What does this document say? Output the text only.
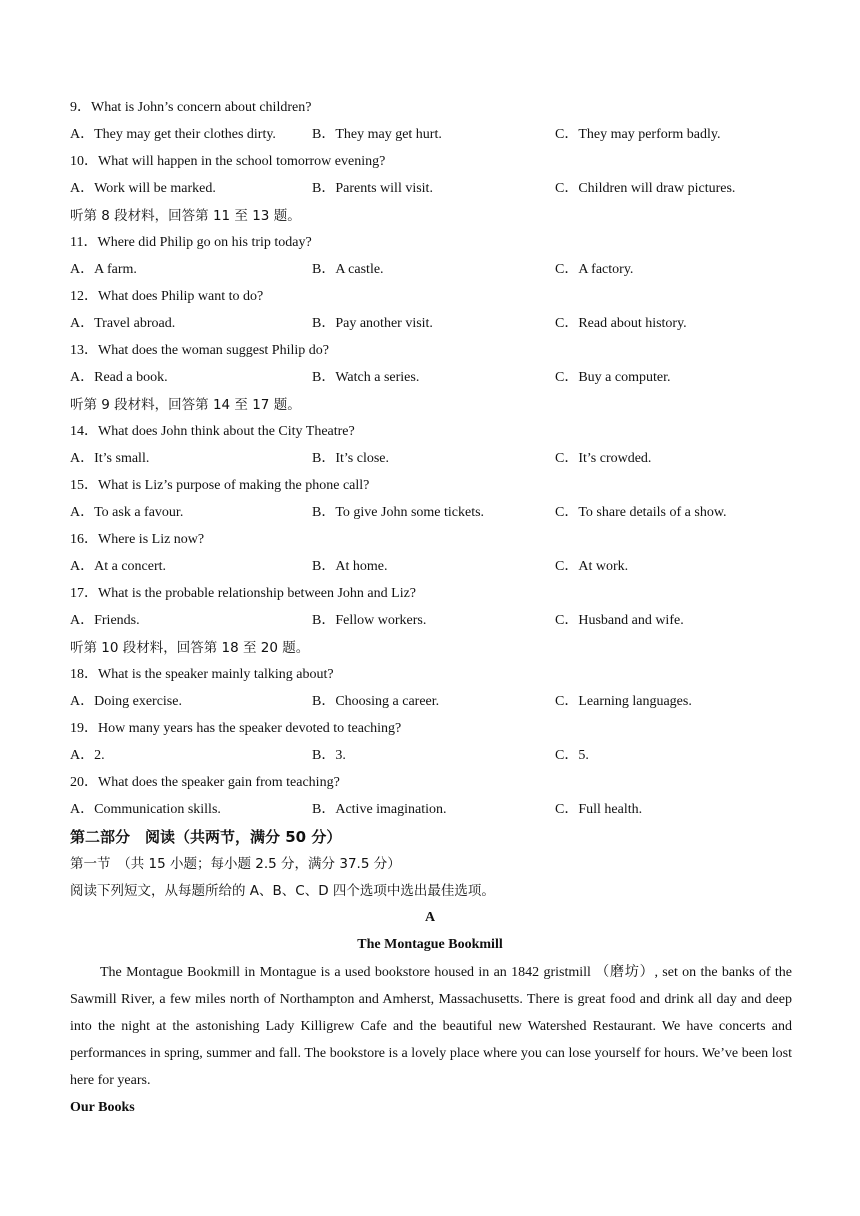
9．What is John’s concern about children?
A．They may get their clothes dirty.	B．They may get hurt.	C．They may perform badly.
10．What will happen in the school tomorrow evening?
A．Work will be marked.	B．Parents will visit.	C．Children will draw pictures.
听第 8 段材料，回答第 11 至 13 题。
11．Where did Philip go on his trip today?
A．A farm.	B．A castle.	C．A factory.
12．What does Philip want to do?
A．Travel abroad.	B．Pay another visit.	C．Read about history.
13．What does the woman suggest Philip do?
A．Read a book.	B．Watch a series.	C．Buy a computer.
听第 9 段材料，回答第 14 至 17 题。
14．What does John think about the City Theatre?
A．It’s small.	B．It’s close.	C．It’s crowded.
15．What is Liz’s purpose of making the phone call?
A．To ask a favour.	B．To give John some tickets.	C．To share details of a show.
16．Where is Liz now?
A．At a concert.	B．At home.	C．At work.
17．What is the probable relationship between John and Liz?
A．Friends.	B．Fellow workers.	C．Husband and wife.
听第 10 段材料，回答第 18 至 20 题。
18．What is the speaker mainly talking about?
A．Doing exercise.	B．Choosing a career.	C．Learning languages.
19．How many years has the speaker devoted to teaching?
A．2.	B．3.	C．5.
20．What does the speaker gain from teaching?
A．Communication skills.	B．Active imagination.	C．Full health.
第二部分　阅读（共两节，满分 50 分）
第一节　（共 15 小题；每小题 2.5 分，满分 37.5 分）
阅读下列短文，从每题所给的 A、B、C、D 四个选项中选出最佳选项。
A
The Montague Bookmill

The Montague Bookmill in Montague is a used bookstore housed in an 1842 gristmill （磨坊）, set on the banks of the Sawmill River, a few miles north of Northampton and Amherst, Massachusetts. There is great food and drink all day and deep into the night at the astonishing Lady Killigrew Cafe and the beautiful new Watershed Restaurant. We have concerts and performances in spring, summer and fall. The bookstore is a lovely place where you can lose yourself for hours. We’ve been lost here for years.

Our Books
